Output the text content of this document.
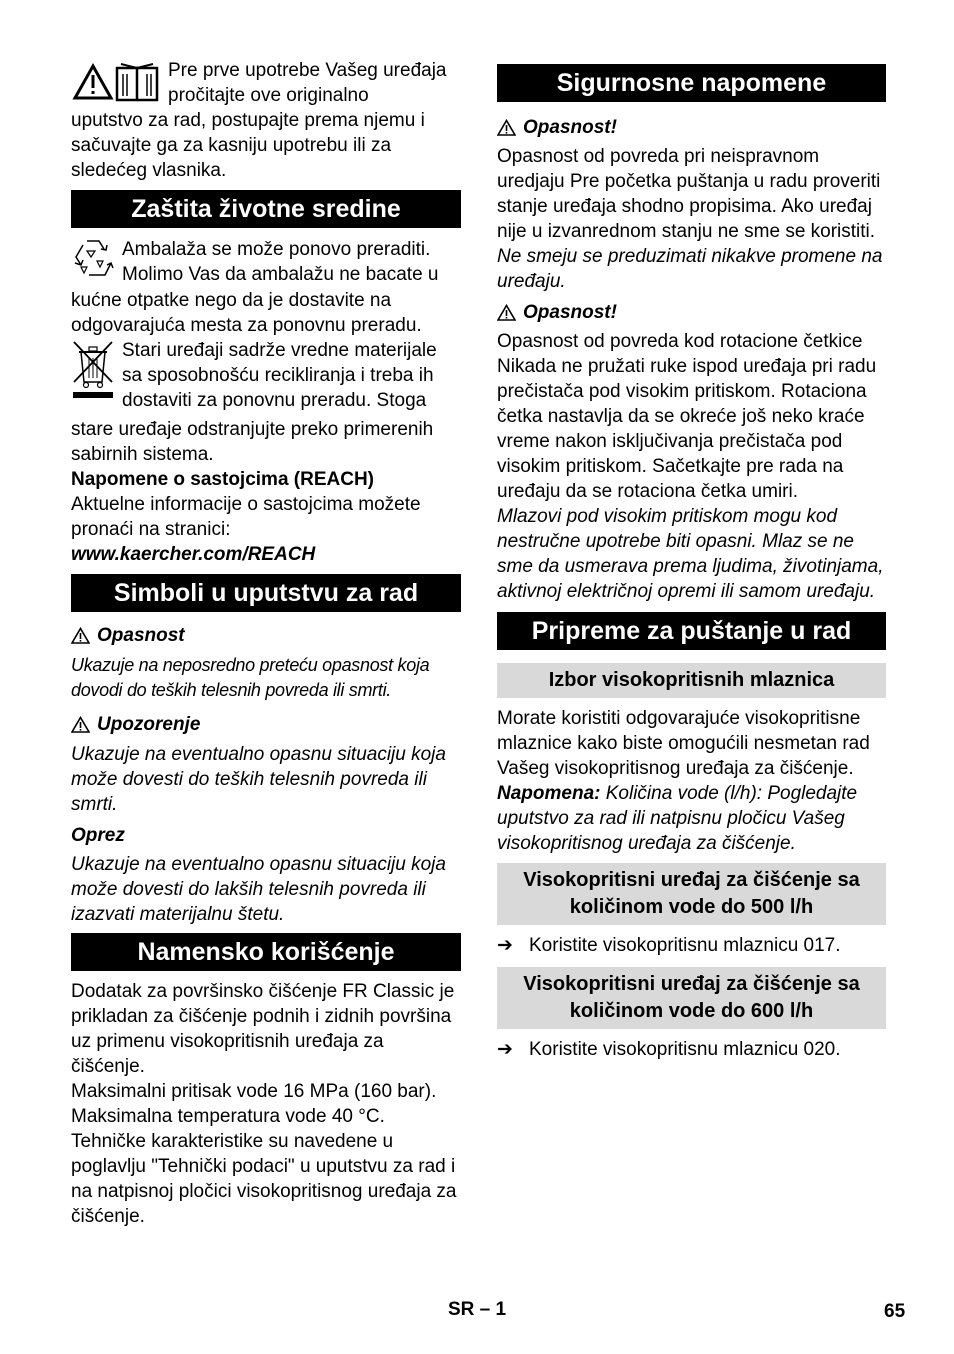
Pre prve upotrebe Vašeg uređaja pročitajte ove originalno

uputstvo za rad, postupajte prema njemu i sačuvajte ga za kasniju upotrebu ili za sledećeg vlasnika.

Zaštita životne sredine

Ambalaža se može ponovo preraditi. Molimo Vas da ambalažu ne bacate u

kućne otpatke nego da je dostavite na odgovarajuća mesta za ponovnu preradu.

Stari uređaji sadrže vredne materijale sa sposobnošću recikliranja i treba ih dostaviti za ponovnu preradu. Stoga

stare uređaje odstranjujte preko primerenih sabirnih sistema.

Napomene o sastojcima (REACH)

Aktuelne informacije o sastojcima možete pronaći na stranici:

www.kaercher.com/REACH

Simboli u uputstvu za rad
Opasnost

Ukazuje na neposredno preteću opasnost koja dovodi do teških telesnih povreda ili smrti.

Upozorenje

Ukazuje na eventualno opasnu situaciju koja može dovesti do teških telesnih povreda ili smrti.

Oprez

Ukazuje na eventualno opasnu situaciju koja može dovesti do lakših telesnih povreda ili izazvati materijalnu štetu.

Namensko korišćenje

Dodatak za površinsko čišćenje FR Classic je prikladan za čišćenje podnih i zidnih površina uz primenu visokopritisnih uređaja za čišćenje.

Maksimalni pritisak vode 16 MPa (160 bar).

Maksimalna temperatura vode 40 °C.

Tehničke karakteristike su navedene u poglavlju "Tehnički podaci" u uputstvu za rad i na natpisnoj pločici visokopritisnog uređaja za čišćenje.

Sigurnosne napomene
Opasnost!

Opasnost od povreda pri neispravnom uredjaju Pre početka puštanja u radu proveriti stanje uređaja shodno propisima. Ako uređaj nije u izvanrednom stanju ne sme se koristiti.

Ne smeju se preduzimati nikakve promene na uređaju.

Opasnost!

Opasnost od povreda kod rotacione četkice Nikada ne pružati ruke ispod uređaja pri radu prečistača pod visokim pritiskom. Rotaciona četka nastavlja da se okreće još neko kraće vreme nakon isključivanja prečistača pod visokim pritiskom. Sačetkajte pre rada na uređaju da se rotaciona četka umiri.

Mlazovi pod visokim pritiskom mogu kod nestručne upotrebe biti opasni. Mlaz se ne sme da usmerava prema ljudima, životinjama, aktivnoj električnoj opremi ili samom uređaju.

Pripreme za puštanje u rad
Izbor visokopritisnih mlaznica

Morate koristiti odgovarajuće visokopritisne mlaznice kako biste omogućili nesmetan rad Vašeg visokopritisnog uređaja za čišćenje.

Napomena: Količina vode (l/h): Pogledajte uputstvo za rad ili natpisnu pločicu Vašeg visokopritisnog uređaja za čišćenje.

Visokopritisni uređaj za čišćenje sa količinom vode do 500 l/h
➔ Koristite visokopritisnu mlaznicu 017.
Visokopritisni uređaj za čišćenje sa količinom vode do 600 l/h
➔ Koristite visokopritisnu mlaznicu 020.
SR – 1	65
